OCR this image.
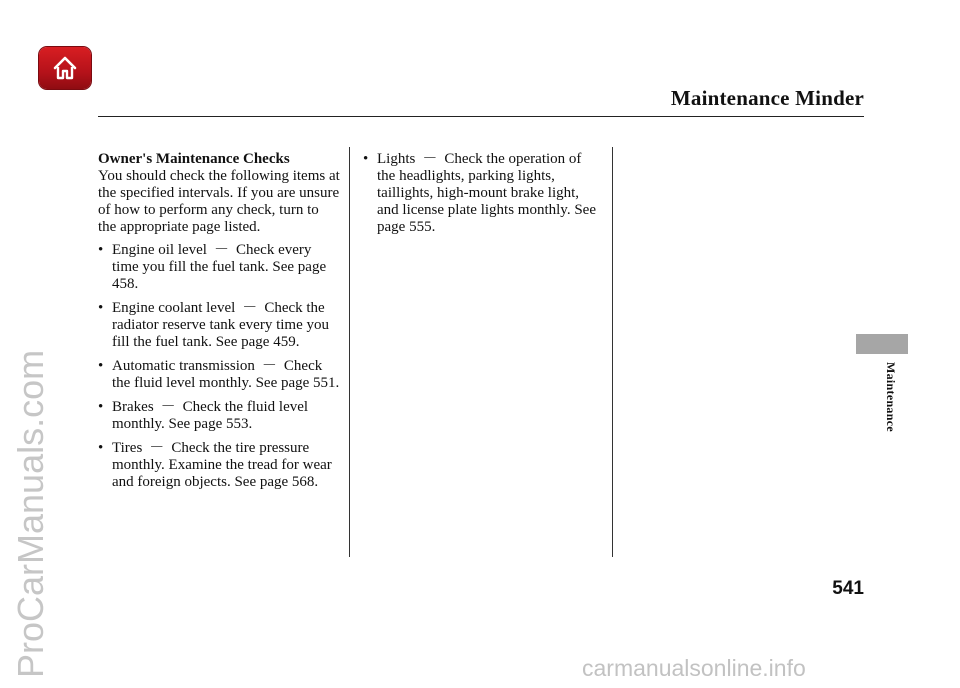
Maintenance Minder
Owner's Maintenance Checks

You should check the following items at the specified intervals. If you are unsure of how to perform any check, turn to the appropriate page listed.

• Engine oil level － Check every time you fill the fuel tank. See page 458.
• Engine coolant level － Check the radiator reserve tank every time you fill the fuel tank. See page 459.
• Automatic transmission － Check the fluid level monthly. See page 551.
• Brakes － Check the fluid level monthly. See page 553.
• Tires － Check the tire pressure monthly. Examine the tread for wear and foreign objects. See page 568.
• Lights － Check the operation of the headlights, parking lights, taillights, high-mount brake light, and license plate lights monthly. See page 555.
Maintenance
541
ProCarManuals.com	carmanualsonline.info
